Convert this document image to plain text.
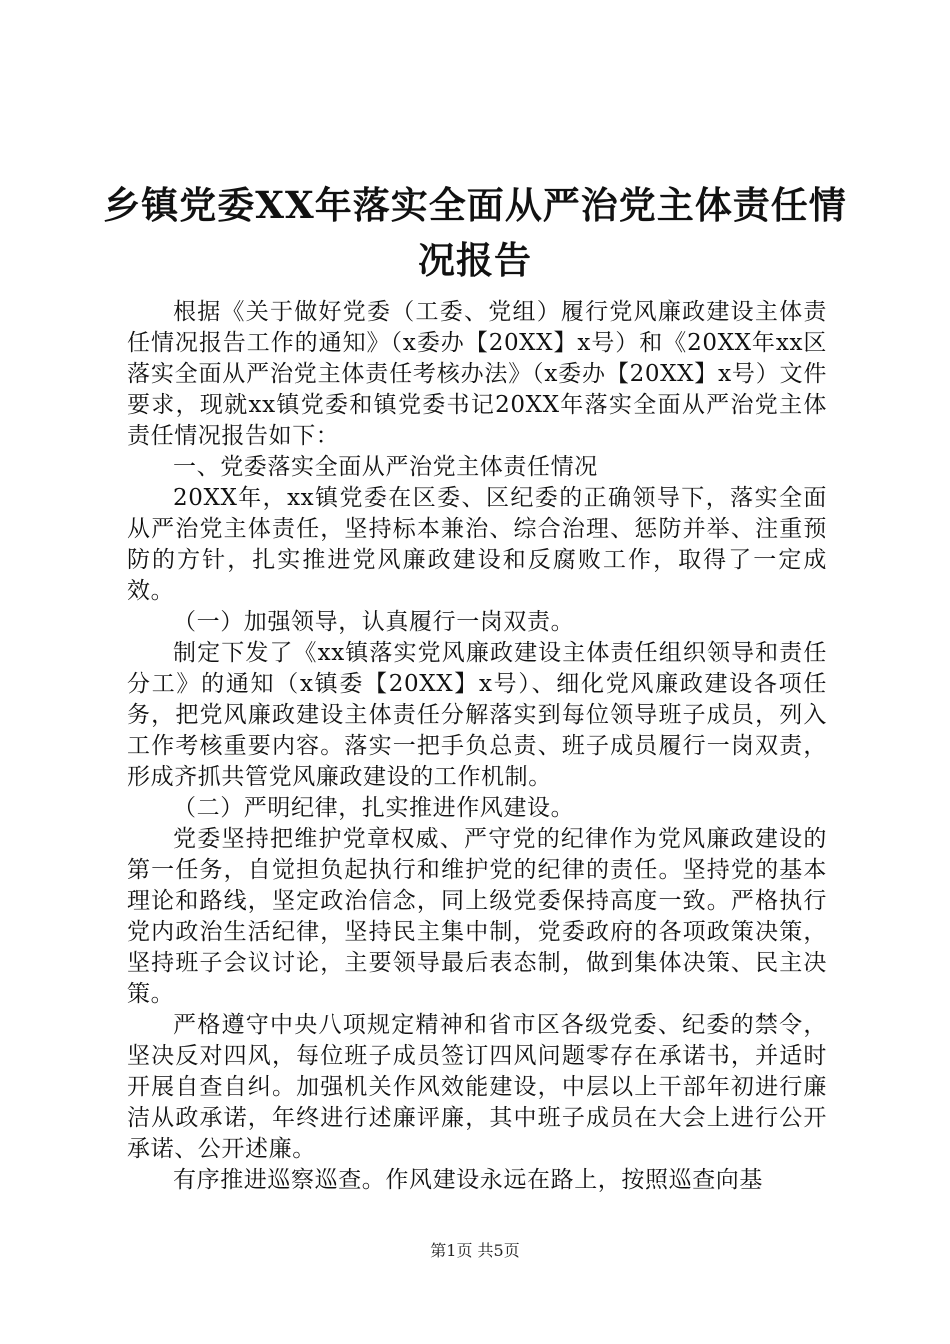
乡镇党委XX年落实全面从严治党主体责任情况报告

根据《关于做好党委（工委、党组）履行党风廉政建设主体责任情况报告工作的通知》（x委办【20XX】x号）和《20XX年xx区落实全面从严治党主体责任考核办法》（x委办【20XX】x号）文件要求，现就xx镇党委和镇党委书记20XX年落实全面从严治党主体责任情况报告如下：

一、党委落实全面从严治党主体责任情况

20XX年，xx镇党委在区委、区纪委的正确领导下，落实全面从严治党主体责任，坚持标本兼治、综合治理、惩防并举、注重预防的方针，扎实推进党风廉政建设和反腐败工作，取得了一定成效。

（一）加强领导，认真履行一岗双责。

制定下发了《xx镇落实党风廉政建设主体责任组织领导和责任分工》的通知（x镇委【20XX】x号）、细化党风廉政建设各项任务，把党风廉政建设主体责任分解落实到每位领导班子成员，列入工作考核重要内容。落实一把手负总责、班子成员履行一岗双责，形成齐抓共管党风廉政建设的工作机制。

（二）严明纪律，扎实推进作风建设。

党委坚持把维护党章权威、严守党的纪律作为党风廉政建设的第一任务，自觉担负起执行和维护党的纪律的责任。坚持党的基本理论和路线，坚定政治信念，同上级党委保持高度一致。严格执行党内政治生活纪律，坚持民主集中制，党委政府的各项政策决策，坚持班子会议讨论，主要领导最后表态制，做到集体决策、民主决策。

严格遵守中央八项规定精神和省市区各级党委、纪委的禁令，坚决反对四风，每位班子成员签订四风问题零存在承诺书，并适时开展自查自纠。加强机关作风效能建设，中层以上干部年初进行廉洁从政承诺，年终进行述廉评廉，其中班子成员在大会上进行公开承诺、公开述廉。

有序推进巡察巡查。作风建设永远在路上，按照巡查向基

第1页 共5页
